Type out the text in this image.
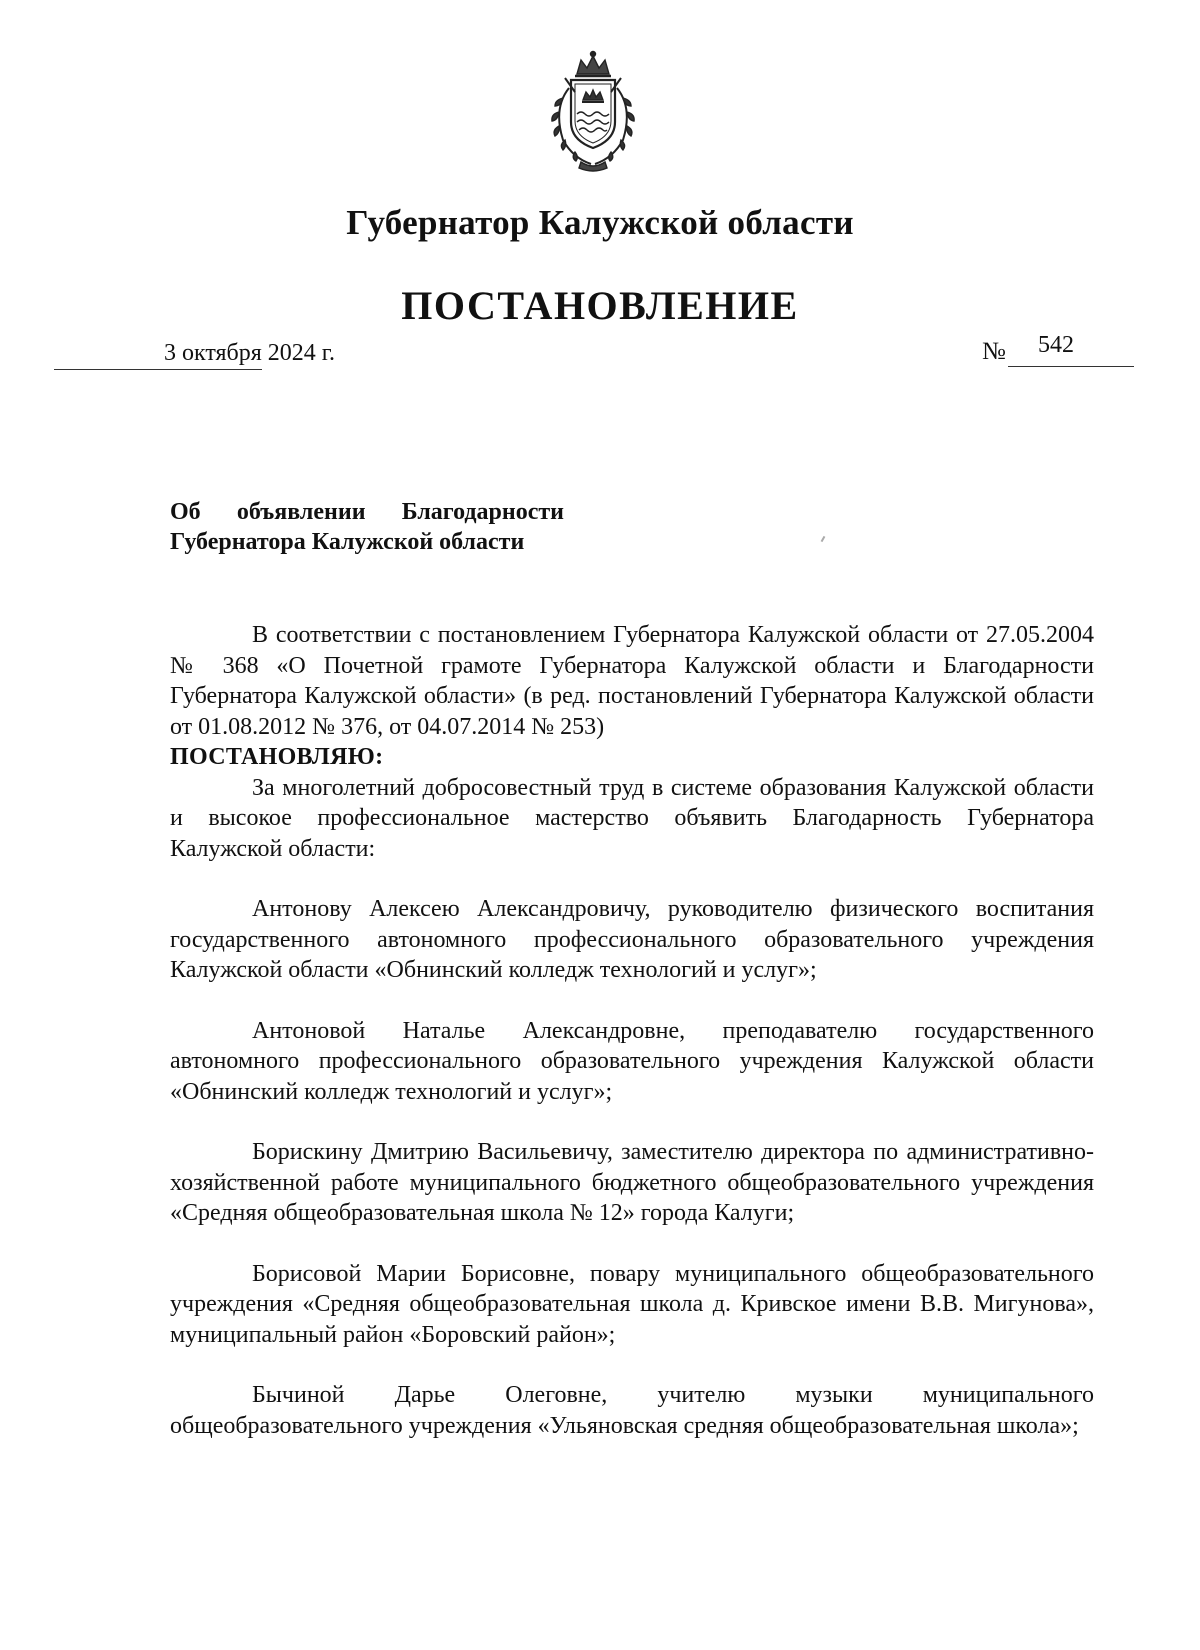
Губернатор Калужской области
ПОСТАНОВЛЕНИЕ
3 октября 2024 г.	№ 542
Об объявлении Благодарности
Губернатора Калужской области

В соответствии с постановлением Губернатора Калужской области от 27.05.2004 № 368 «О Почетной грамоте Губернатора Калужской области и Благодарности Губернатора Калужской области» (в ред. постановлений Губернатора Калужской области от 01.08.2012 № 376, от 04.07.2014 № 253)

ПОСТАНОВЛЯЮ:

За многолетний добросовестный труд в системе образования Калужской области и высокое профессиональное мастерство объявить Благодарность Губернатора Калужской области:

Антонову Алексею Александровичу, руководителю физического воспитания государственного автономного профессионального образовательного учреждения Калужской области «Обнинский колледж технологий и услуг»;

Антоновой Наталье Александровне, преподавателю государственного автономного профессионального образовательного учреждения Калужской области «Обнинский колледж технологий и услуг»;

Борискину Дмитрию Васильевичу, заместителю директора по административно-хозяйственной работе муниципального бюджетного общеобразовательного учреждения «Средняя общеобразовательная школа № 12» города Калуги;

Борисовой Марии Борисовне, повару муниципального общеобразовательного учреждения «Средняя общеобразовательная школа д. Кривское имени В.В. Мигунова», муниципальный район «Боровский район»;

Бычиной Дарье Олеговне, учителю музыки муниципального общеобразовательного учреждения «Ульяновская средняя общеобразовательная школа»;
